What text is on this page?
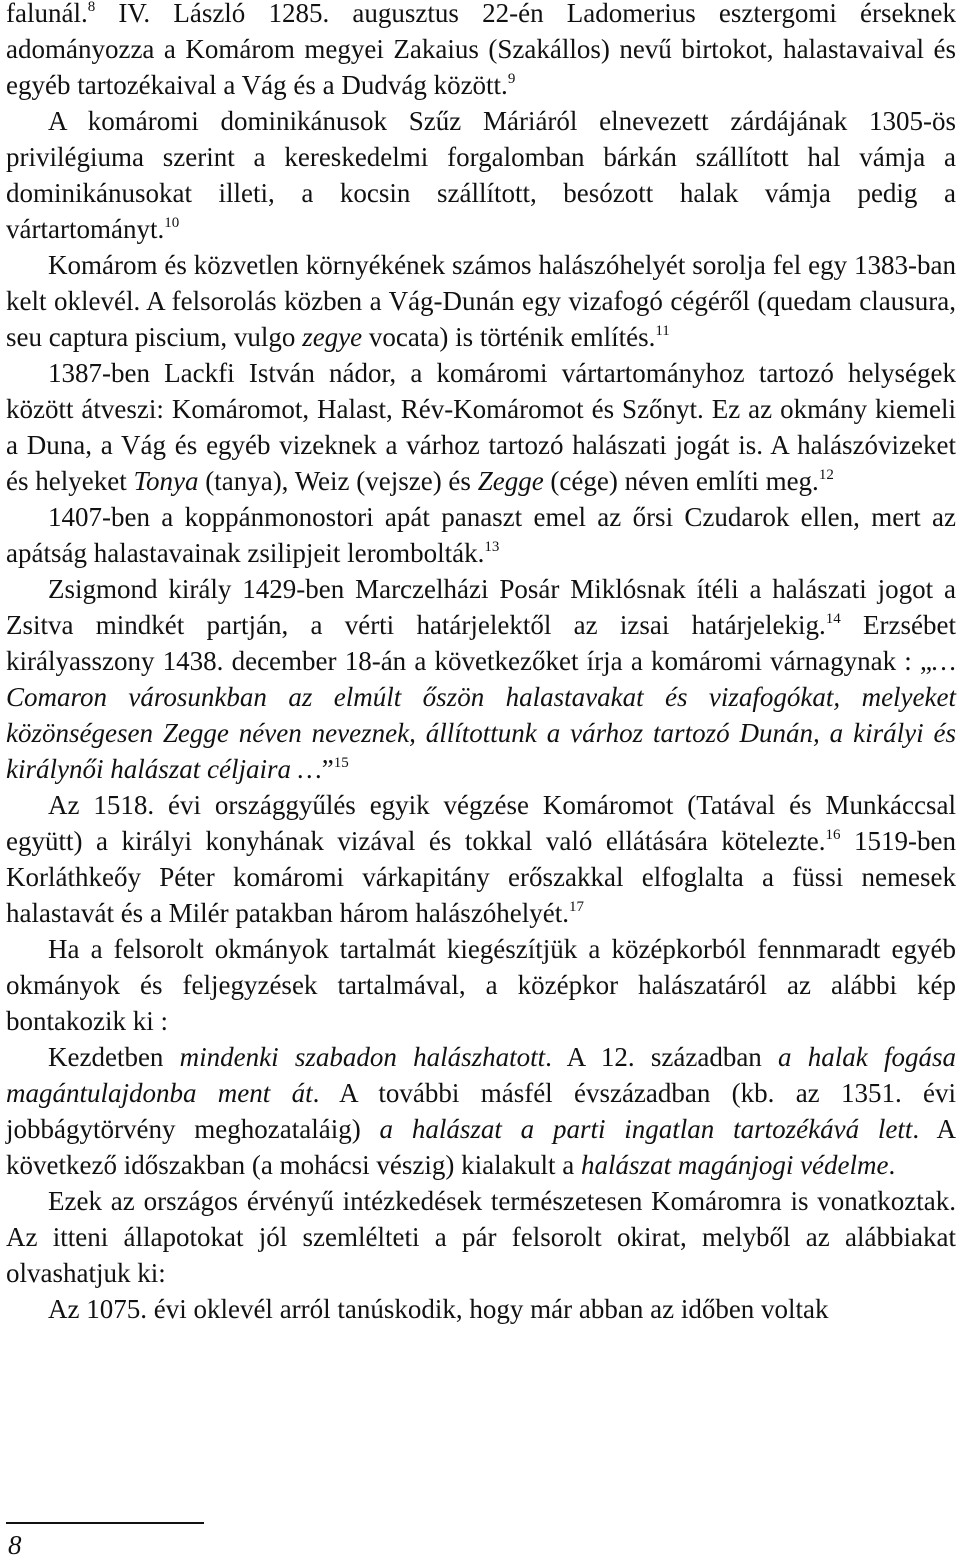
falunál.$^8$ IV. László 1285. augusztus 22-én Ladomerius esztergomi érseknek adományozza a Komárom megyei Zakaius (Szakállos) nevű birtokot, halastavaival és egyéb tartozékaival a Vág és a Dudvág között.$^9$

A komáromi dominikánusok Szűz Máriáról elnevezett zárdájának 1305-ös privilégiuma szerint a kereskedelmi forgalomban bárkán szállított hal vámja a dominikánusokat illeti, a kocsin szállított, besózott halak vámja pedig a vártartományt.$^{10}$

Komárom és közvetlen környékének számos halászóhelyét sorolja fel egy 1383-ban kelt oklevél. A felsorolás közben a Vág-Dunán egy vizafogó cégéről (quedam clausura, seu captura piscium, vulgo zegye vocata) is történik említés.$^{11}$

1387-ben Lackfi István nádor, a komáromi vártartományhoz tartozó helységek között átveszi: Komáromot, Halast, Rév-Komáromot és Szőnyt. Ez az okmány kiemeli a Duna, a Vág és egyéb vizeknek a várhoz tartozó halászati jogát is. A halászóvizeket és helyeket Tonya (tanya), Weiz (vejsze) és Zegge (cége) néven említi meg.$^{12}$

1407-ben a koppánmonostori apát panaszt emel az őrsi Czudarok ellen, mert az apátság halastavainak zsilipjeit lerombolták.$^{13}$

Zsigmond király 1429-ben Marczelházi Posár Miklósnak ítéli a halászati jogot a Zsitva mindkét partján, a vérti határjelektől az izsai határjelekig.$^{14}$ Erzsébet királyasszony 1438. december 18-án a következőket írja a komáromi várnagynak : „…Comaron városunkban az elmúlt őszön halastavakat és vizafogókat, melyeket közönségesen Zegge néven neveznek, állítottunk a várhoz tartozó Dunán, a királyi és királynői halászat céljaira …”$^{15}$

Az 1518. évi országgyűlés egyik végzése Komáromot (Tatával és Munkáccsal együtt) a királyi konyhának vizával és tokkal való ellátására kötelezte.$^{16}$ 1519-ben Korláthkeőy Péter komáromi várkapitány erőszakkal elfoglalta a füssi nemesek halastavát és a Milér patakban három halászóhelyét.$^{17}$

Ha a felsorolt okmányok tartalmát kiegészítjük a középkorból fennmaradt egyéb okmányok és feljegyzések tartalmával, a középkor halászatáról az alábbi kép bontakozik ki :

Kezdetben mindenki szabadon halászhatott. A 12. században a halak fogása magántulajdonba ment át. A további másfél évszázadban (kb. az 1351. évi jobbágytörvény meghozataláig) a halászat a parti ingatlan tartozékává lett. A következő időszakban (a mohácsi vészig) kialakult a halászat magánjogi védelme.

Ezek az országos érvényű intézkedések természetesen Komáromra is vonatkoztak. Az itteni állapotokat jól szemlélteti a pár felsorolt okirat, melyből az alábbiakat olvashatjuk ki:

Az 1075. évi oklevél arról tanúskodik, hogy már abban az időben voltak

8
